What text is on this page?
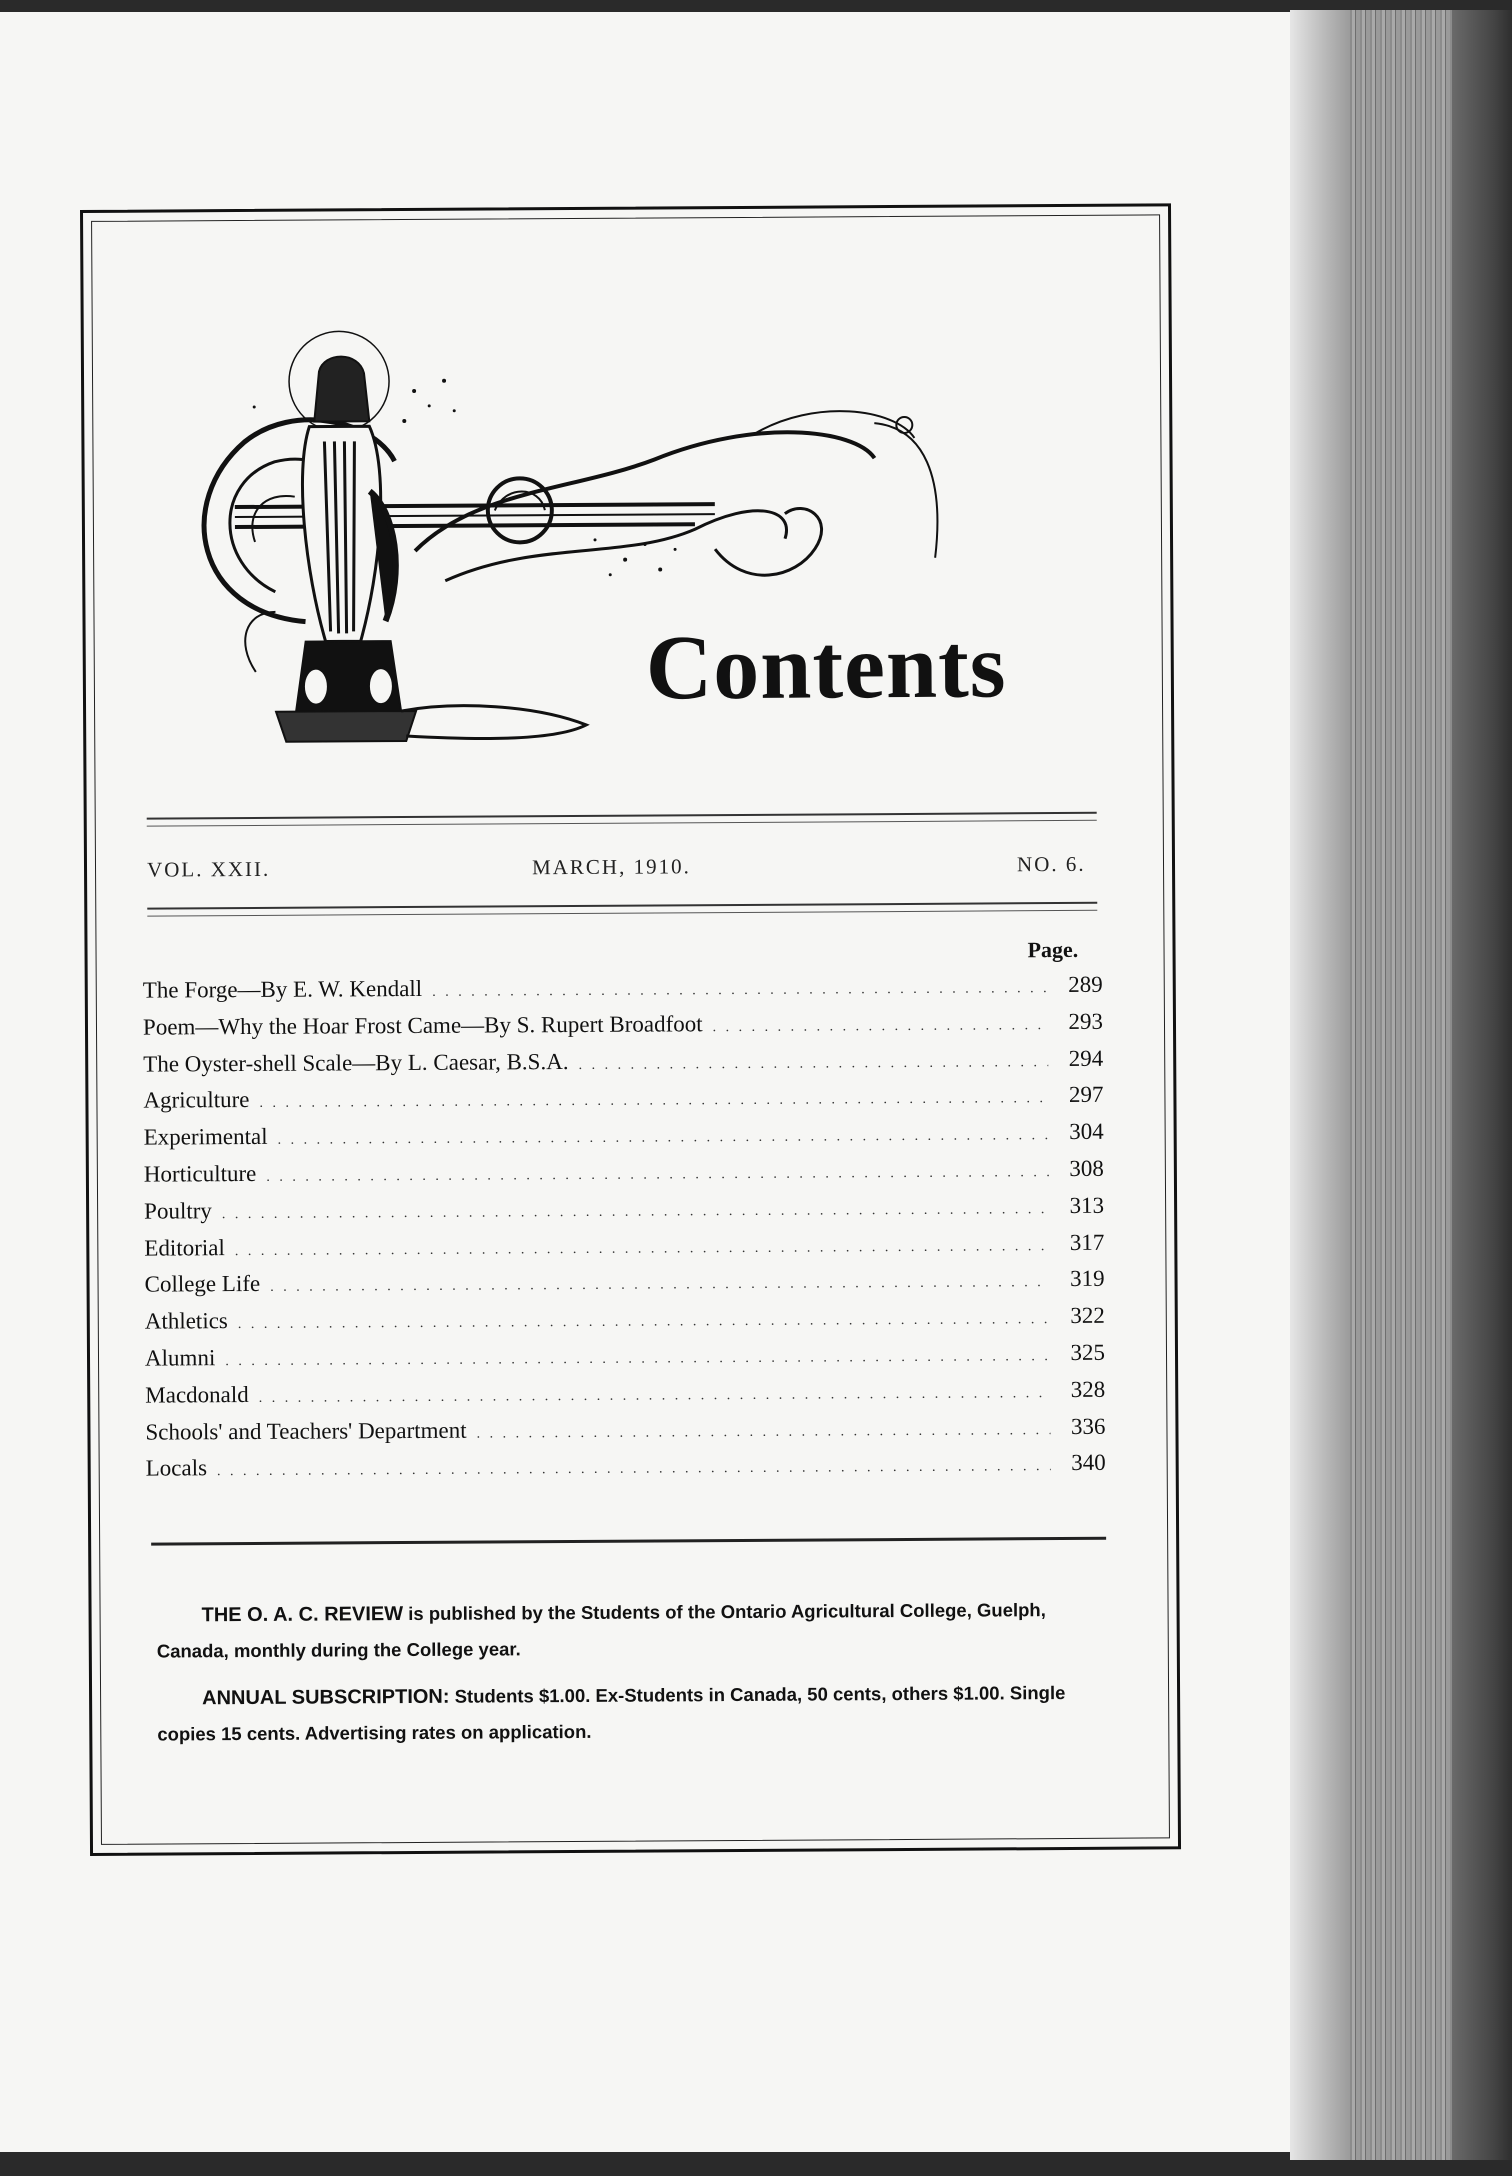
Contents
VOL. XXII.	MARCH, 1910.	NO. 6.
Page.
The Forge—By E. W. Kendall . . .	289
Poem—Why the Hoar Frost Came—By S. Rupert Broadfoot . . .	293
The Oyster-shell Scale—By L. Caesar, B.S.A. . . .	294
Agriculture . . .	297
Experimental . . .	304
Horticulture . . .	308
Poultry . . .	313
Editorial . . .	317
College Life . . .	319
Athletics . . .	322
Alumni . . .	325
Macdonald . . .	328
Schools' and Teachers' Department . . .	336
Locals . . .	340

THE O. A. C. REVIEW is published by the Students of the Ontario Agricultural College, Guelph, Canada, monthly during the College year.

ANNUAL SUBSCRIPTION: Students $1.00. Ex-Students in Canada, 50 cents, others $1.00. Single copies 15 cents. Advertising rates on application.
